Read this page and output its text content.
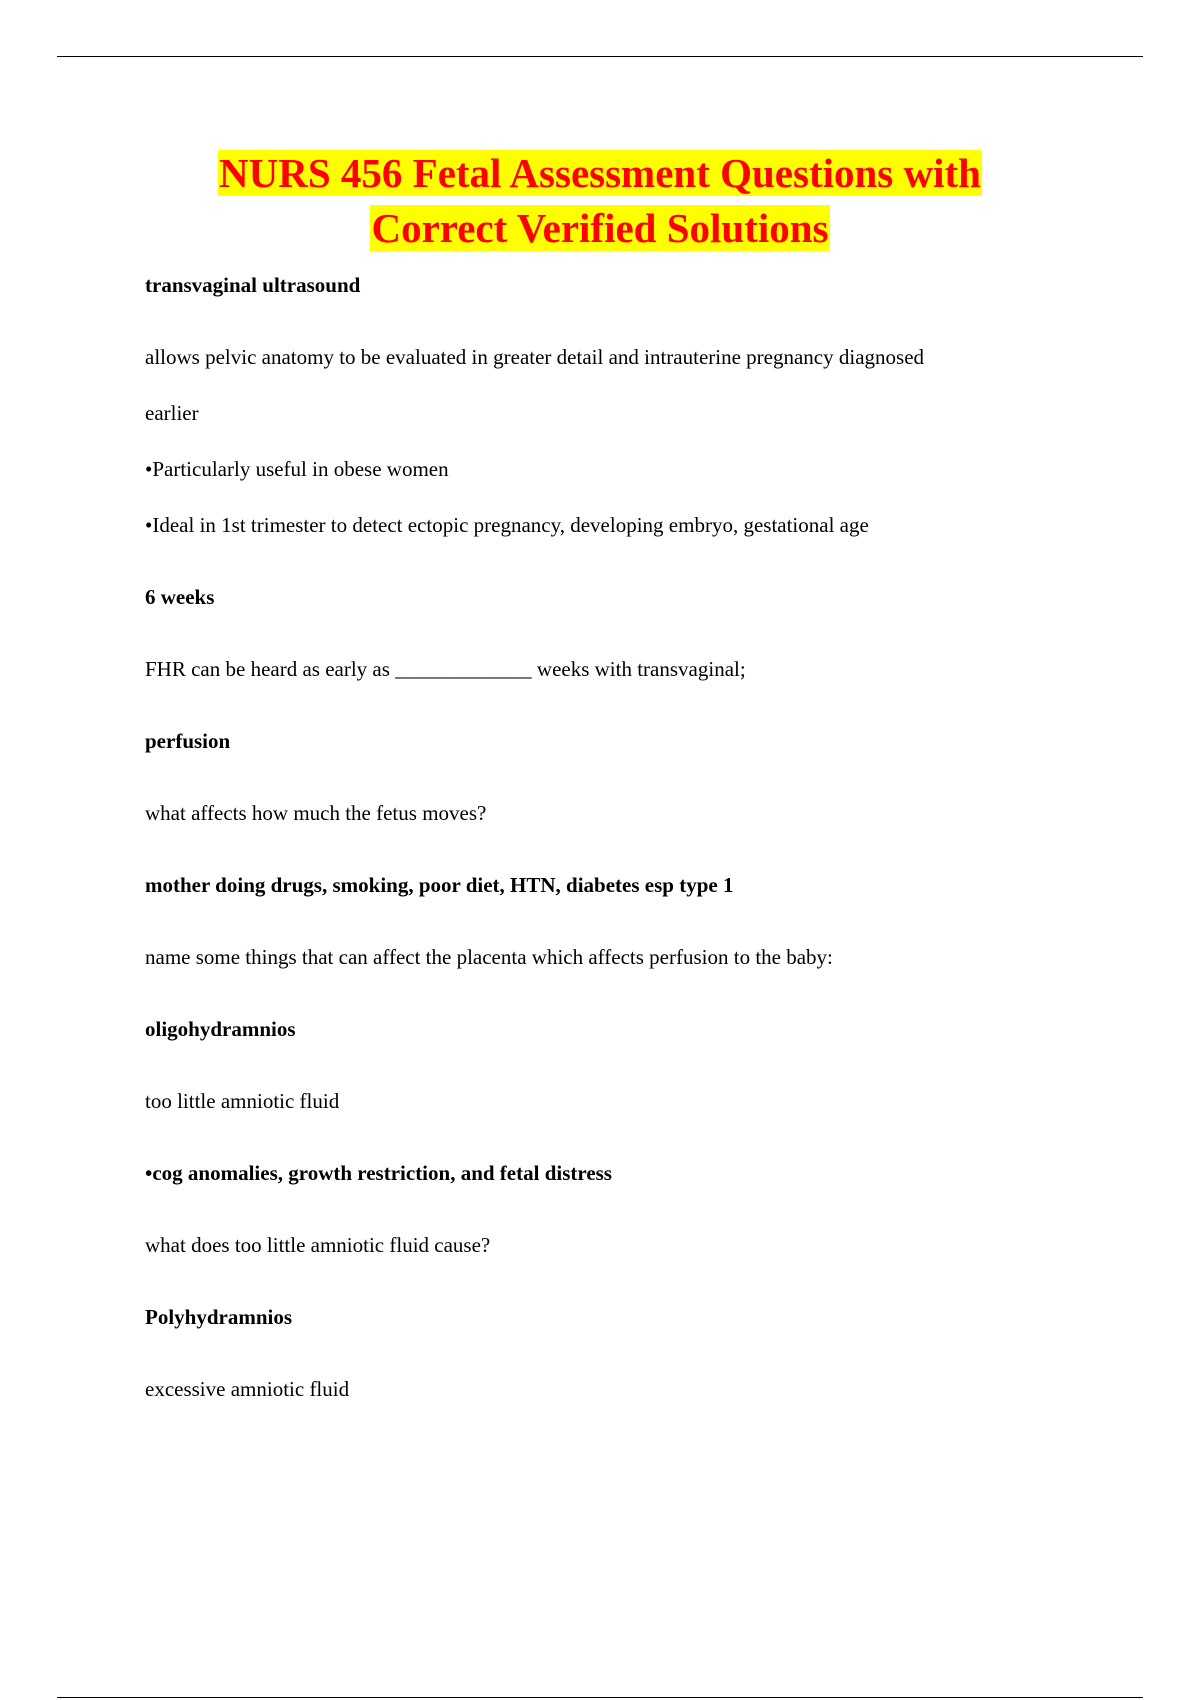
NURS 456 Fetal Assessment Questions with
Correct Verified Solutions
transvaginal ultrasound
allows pelvic anatomy to be evaluated in greater detail and intrauterine pregnancy diagnosed
earlier
•Particularly useful in obese women
•Ideal in 1st trimester to detect ectopic pregnancy, developing embryo, gestational age
6 weeks
FHR can be heard as early as _____________ weeks with transvaginal;
perfusion
what affects how much the fetus moves?
mother doing drugs, smoking, poor diet, HTN, diabetes esp type 1
name some things that can affect the placenta which affects perfusion to the baby:
oligohydramnios
too little amniotic fluid
•cog anomalies, growth restriction, and fetal distress
what does too little amniotic fluid cause?
Polyhydramnios
excessive amniotic fluid
